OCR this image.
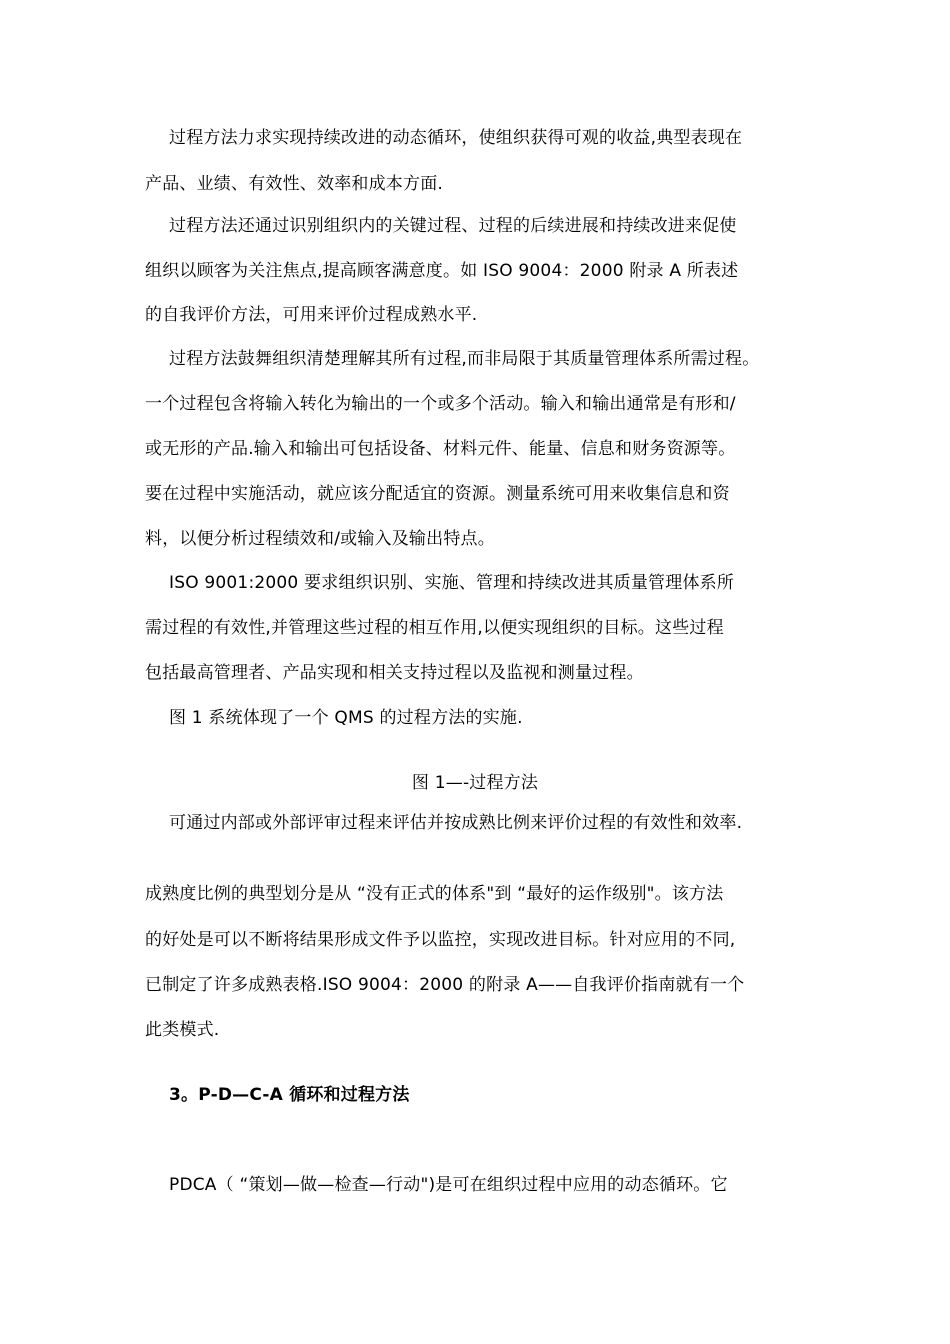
过程方法力求实现持续改进的动态循环，使组织获得可观的收益,典型表现在
产品、业绩、有效性、效率和成本方面.
过程方法还通过识别组织内的关键过程、过程的后续进展和持续改进来促使
组织以顾客为关注焦点,提高顾客满意度。如 ISO 9004：2000 附录 A 所表述
的自我评价方法，可用来评价过程成熟水平.
过程方法鼓舞组织清楚理解其所有过程,而非局限于其质量管理体系所需过程。
一个过程包含将输入转化为输出的一个或多个活动。输入和输出通常是有形和/
或无形的产品.输入和输出可包括设备、材料元件、能量、信息和财务资源等。
要在过程中实施活动，就应该分配适宜的资源。测量系统可用来收集信息和资
料，以便分析过程绩效和/或输入及输出特点。
ISO 9001:2000 要求组织识别、实施、管理和持续改进其质量管理体系所
需过程的有效性,并管理这些过程的相互作用,以便实现组织的目标。这些过程
包括最高管理者、产品实现和相关支持过程以及监视和测量过程。
图 1 系统体现了一个 QMS 的过程方法的实施.
图 1—-过程方法
可通过内部或外部评审过程来评估并按成熟比例来评价过程的有效性和效率.
成熟度比例的典型划分是从 “没有正式的体系"到 “最好的运作级别"。该方法
的好处是可以不断将结果形成文件予以监控，实现改进目标。针对应用的不同,
已制定了许多成熟表格.ISO 9004：2000 的附录 A——自我评价指南就有一个
此类模式.
3。P-D—C-A 循环和过程方法
PDCA（ “策划—做—检查—行动")是可在组织过程中应用的动态循环。它
